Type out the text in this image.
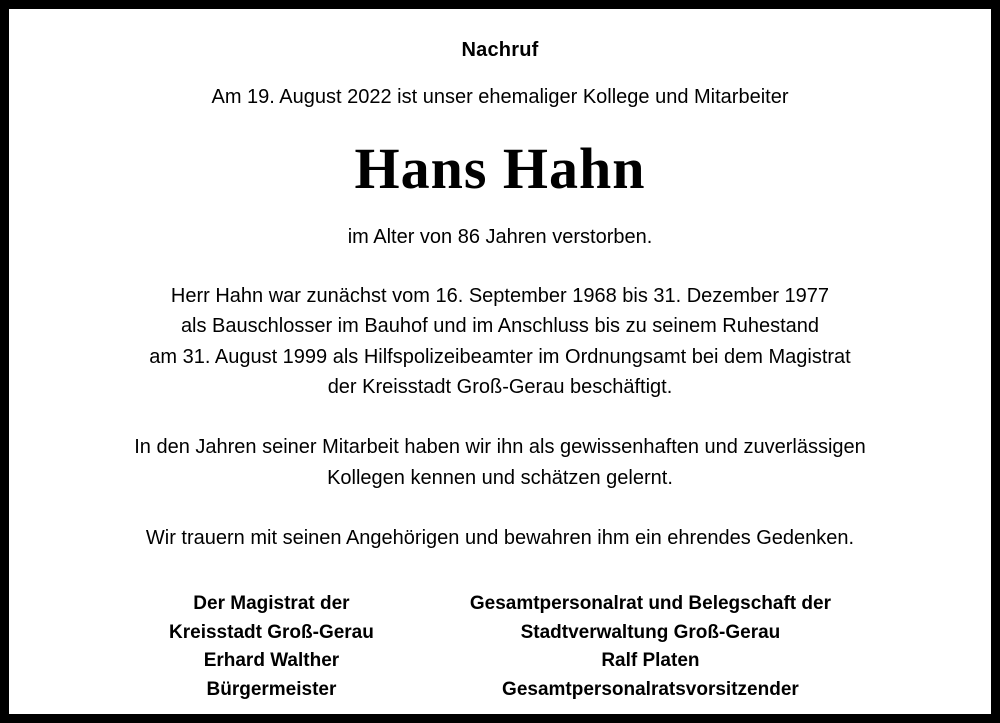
Nachruf
Am 19. August 2022 ist unser ehemaliger Kollege und Mitarbeiter
Hans Hahn
im Alter von 86 Jahren verstorben.
Herr Hahn war zunächst vom 16. September 1968 bis 31. Dezember 1977
als Bauschlosser im Bauhof und im Anschluss bis zu seinem Ruhestand
am 31. August 1999 als Hilfspolizeibeamter im Ordnungsamt bei dem Magistrat
der Kreisstadt Groß-Gerau beschäftigt.
In den Jahren seiner Mitarbeit haben wir ihn als gewissenhaften und zuverlässigen
Kollegen kennen und schätzen gelernt.
Wir trauern mit seinen Angehörigen und bewahren ihm ein ehrendes Gedenken.
Der Magistrat der
Kreisstadt Groß-Gerau
Erhard Walther
Bürgermeister
Gesamtpersonalrat und Belegschaft der
Stadtverwaltung Groß-Gerau
Ralf Platen
Gesamtpersonalratsvorsitzender
